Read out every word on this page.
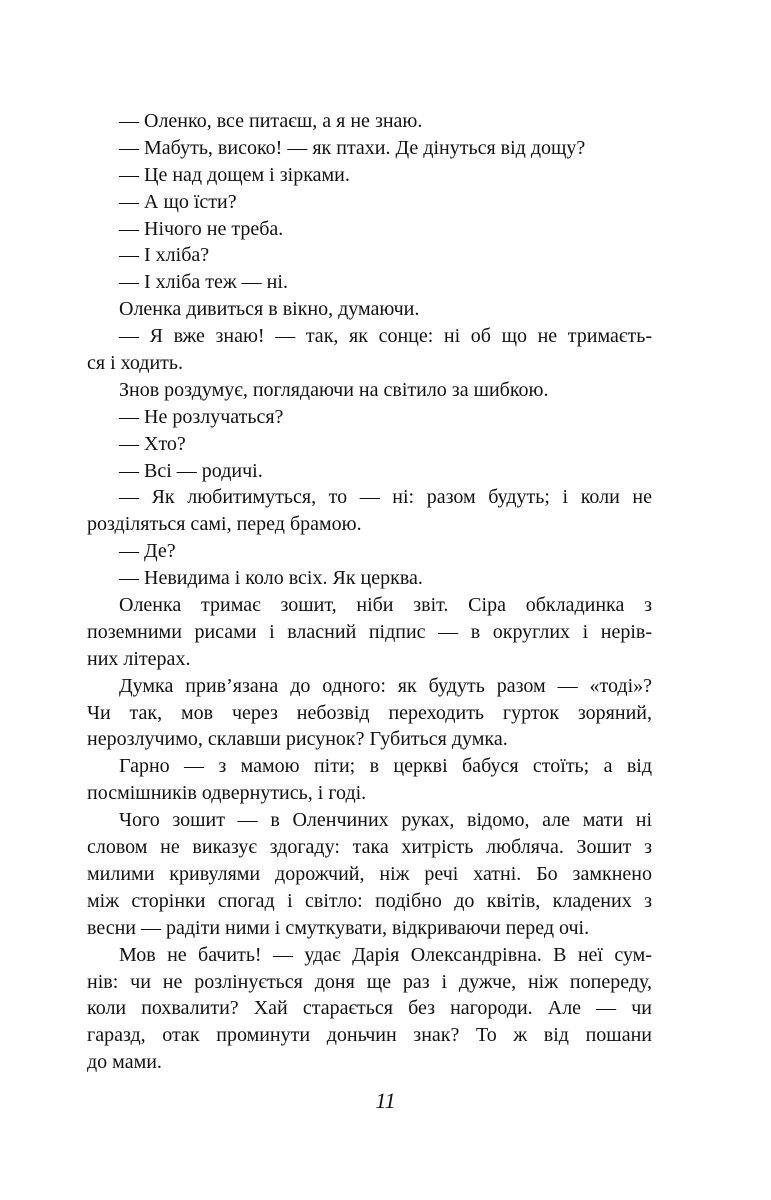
— Оленко, все питаєш, а я не знаю.
— Мабуть, високо! — як птахи. Де дінуться від дощу?
— Це над дощем і зірками.
— А що їсти?
— Нічого не треба.
— І хліба?
— І хліба теж — ні.
Оленка дивиться в вікно, думаючи.
— Я вже знаю! — так, як сонце: ні об що не тримаєть-
ся і ходить.
Знов роздумує, поглядаючи на світило за шибкою.
— Не розлучаться?
— Хто?
— Всі — родичі.
— Як любитимуться, то — ні: разом будуть; і коли не
розділяться самі, перед брамою.
— Де?
— Невидима і коло всіх. Як церква.
Оленка тримає зошит, ніби звіт. Сіра обкладинка з
поземними рисами і власний підпис — в округлих і нерів-
них літерах.
Думка прив’язана до одного: як будуть разом — «тоді»?
Чи так, мов через небозвід переходить гурток зоряний,
нерозлучимо, склавши рисунок? Губиться думка.
Гарно — з мамою піти; в церкві бабуся стоїть; а від
посмішників одвернутись, і годі.
Чого зошит — в Оленчиних руках, відомо, але мати ні
словом не виказує здогаду: така хитрість любляча. Зошит з
милими кривулями дорожчий, ніж речі хатні. Бо замкнено
між сторінки спогад і світло: подібно до квітів, кладених з
весни — радіти ними і смуткувати, відкриваючи перед очі.
Мов не бачить! — удає Дарія Олександрівна. В неї сум-
нів: чи не розлінується доня ще раз і дужче, ніж попереду,
коли похвалити? Хай старається без нагороди. Але — чи
гаразд, отак проминути доньчин знак? То ж від пошани
до мами.
11
